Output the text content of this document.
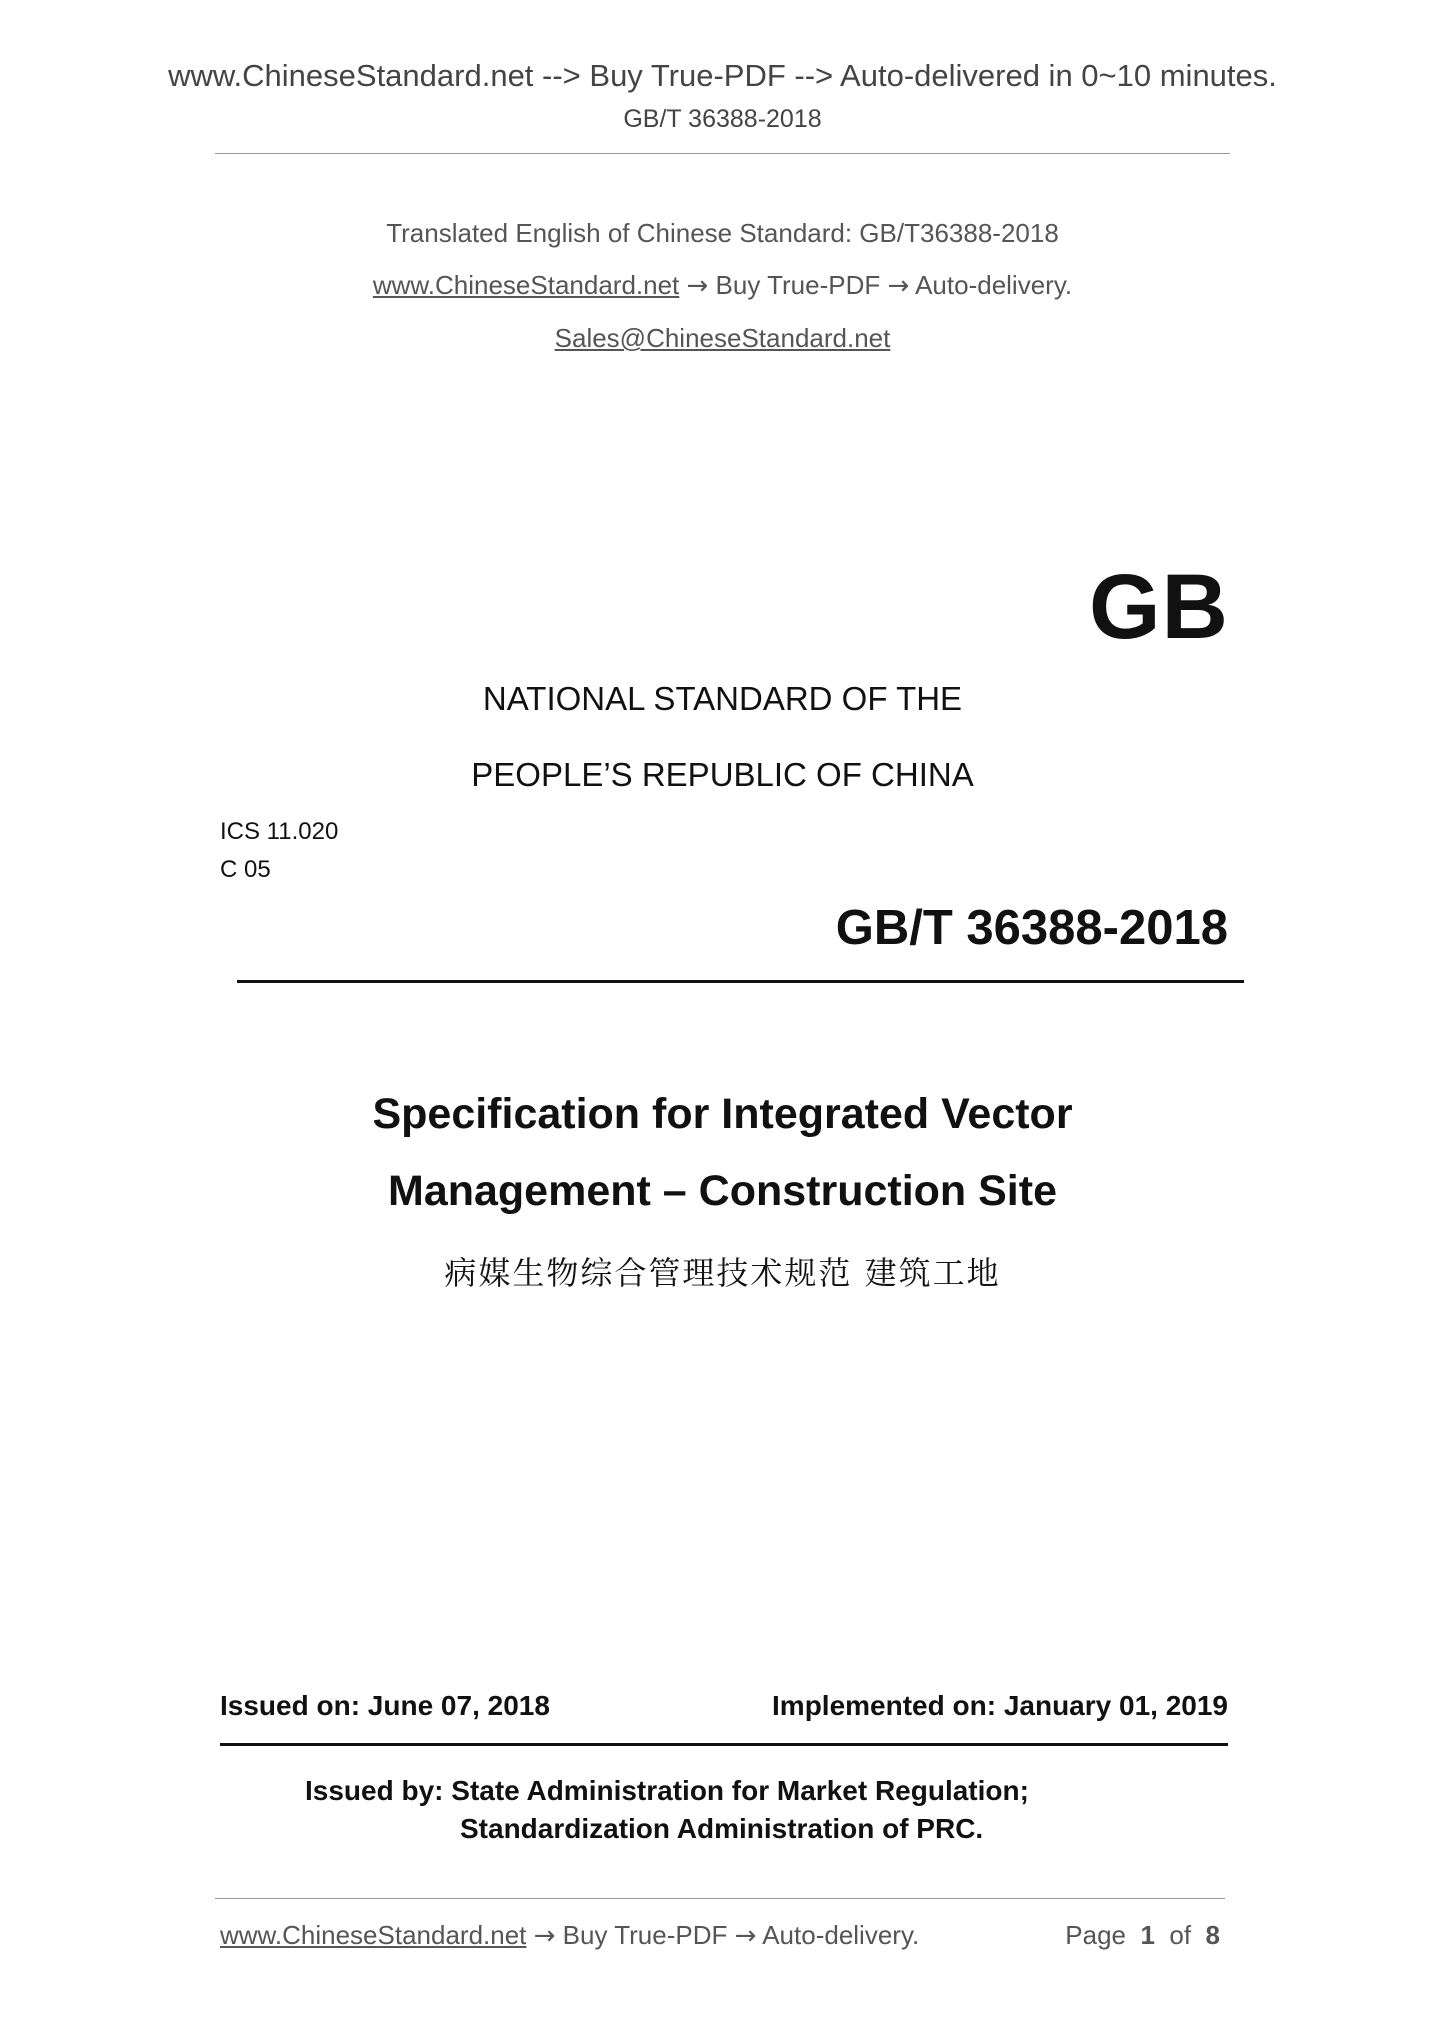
www.ChineseStandard.net --> Buy True-PDF --> Auto-delivered in 0~10 minutes.
GB/T 36388-2018
Translated English of Chinese Standard: GB/T36388-2018
www.ChineseStandard.net → Buy True-PDF → Auto-delivery.
Sales@ChineseStandard.net
GB
NATIONAL STANDARD OF THE
PEOPLE’S REPUBLIC OF CHINA
ICS 11.020
C 05
GB/T 36388-2018
Specification for Integrated Vector
Management – Construction Site
病媒生物综合管理技术规范 建筑工地
Issued on: June 07, 2018	Implemented on: January 01, 2019
Issued by: State Administration for Market Regulation;
Standardization Administration of PRC.
www.ChineseStandard.net → Buy True-PDF → Auto-delivery.	Page 1 of 8
